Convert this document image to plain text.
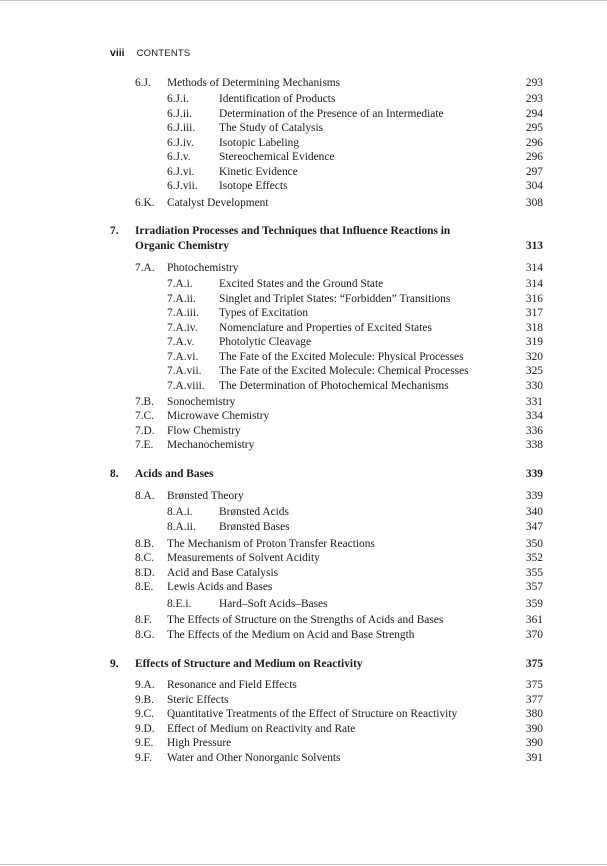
viii CONTENTS
6.J. Methods of Determining Mechanisms	293
6.J.i.	Identification of Products	293
6.J.ii. Determination of the Presence of an Intermediate	294
6.J.iii. The Study of Catalysis	295
6.J.iv. Isotopic Labeling	296
6.J.v. Stereochemical Evidence	296
6.J.vi. Kinetic Evidence	297
6.J.vii. Isotope Effects	304
6.K. Catalyst Development	308
7. Irradiation Processes and Techniques that Influence Reactions in
Organic Chemistry	313
7.A. Photochemistry	314
7.A.i. Excited States and the Ground State	314
7.A.ii. Singlet and Triplet States: “Forbidden” Transitions	316
7.A.iii. Types of Excitation	317
7.A.iv. Nomenclature and Properties of Excited States	318
7.A.v. Photolytic Cleavage	319
7.A.vi. The Fate of the Excited Molecule: Physical Processes	320
7.A.vii. The Fate of the Excited Molecule: Chemical Processes	325
7.A.viii. The Determination of Photochemical Mechanisms	330
7.B. Sonochemistry	331
7.C. Microwave Chemistry	334
7.D. Flow Chemistry	336
7.E. Mechanochemistry	338
8. Acids and Bases	339
8.A. Brønsted Theory	339
8.A.i. Brønsted Acids	340
8.A.ii. Brønsted Bases	347
8.B. The Mechanism of Proton Transfer Reactions	350
8.C. Measurements of Solvent Acidity	352
8.D. Acid and Base Catalysis	355
8.E. Lewis Acids and Bases	357
8.E.i. Hard–Soft Acids–Bases	359
8.F. The Effects of Structure on the Strengths of Acids and Bases	361
8.G. The Effects of the Medium on Acid and Base Strength	370
9. Effects of Structure and Medium on Reactivity	375
9.A. Resonance and Field Effects	375
9.B. Steric Effects	377
9.C. Quantitative Treatments of the Effect of Structure on Reactivity	380
9.D. Effect of Medium on Reactivity and Rate	390
9.E. High Pressure	390
9.F. Water and Other Nonorganic Solvents	391
